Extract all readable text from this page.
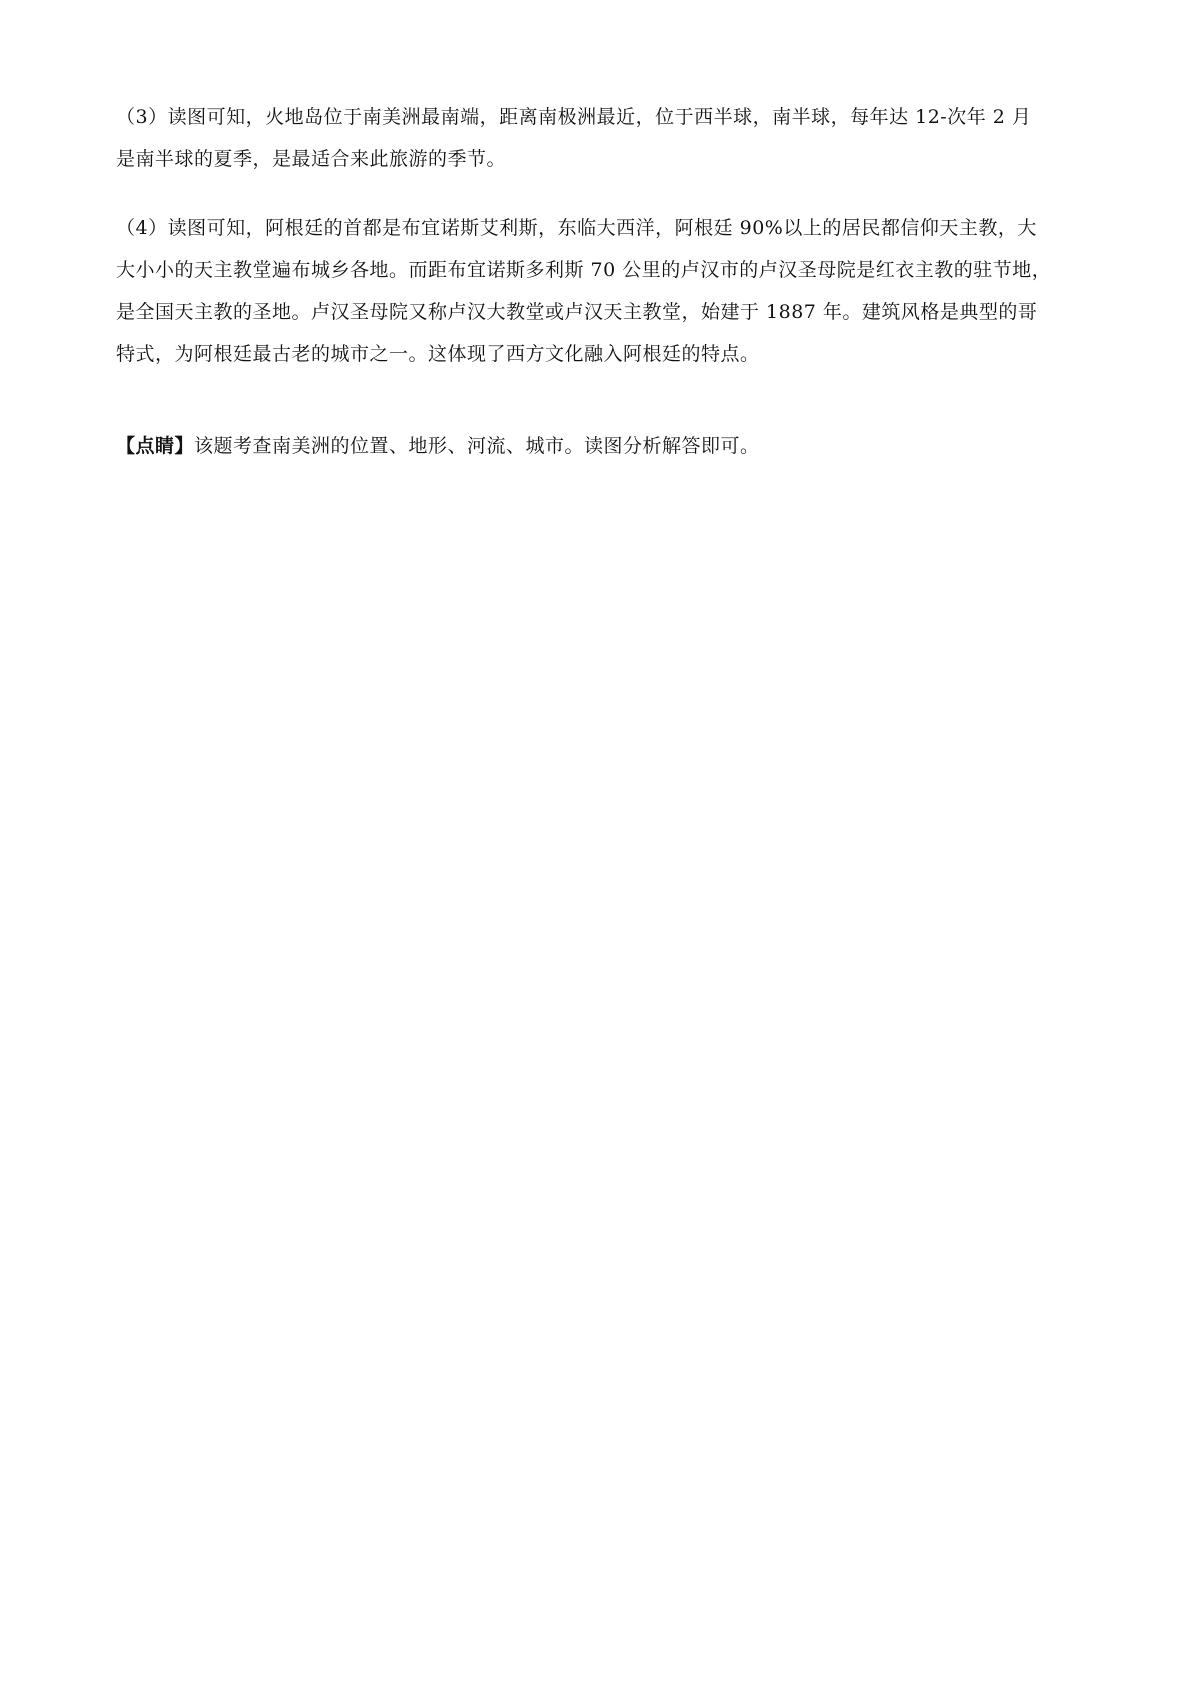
（3）读图可知，火地岛位于南美洲最南端，距离南极洲最近，位于西半球，南半球，每年达 12-次年 2 月
是南半球的夏季，是最适合来此旅游的季节。

（4）读图可知，阿根廷的首都是布宜诺斯艾利斯，东临大西洋，阿根廷 90%以上的居民都信仰天主教，大
大小小的天主教堂遍布城乡各地。而距布宜诺斯多利斯 70 公里的卢汉市的卢汉圣母院是红衣主教的驻节地，
是全国天主教的圣地。卢汉圣母院又称卢汉大教堂或卢汉天主教堂，始建于 1887 年。建筑风格是典型的哥
特式，为阿根廷最古老的城市之一。这体现了西方文化融入阿根廷的特点。

【点睛】该题考查南美洲的位置、地形、河流、城市。读图分析解答即可。
